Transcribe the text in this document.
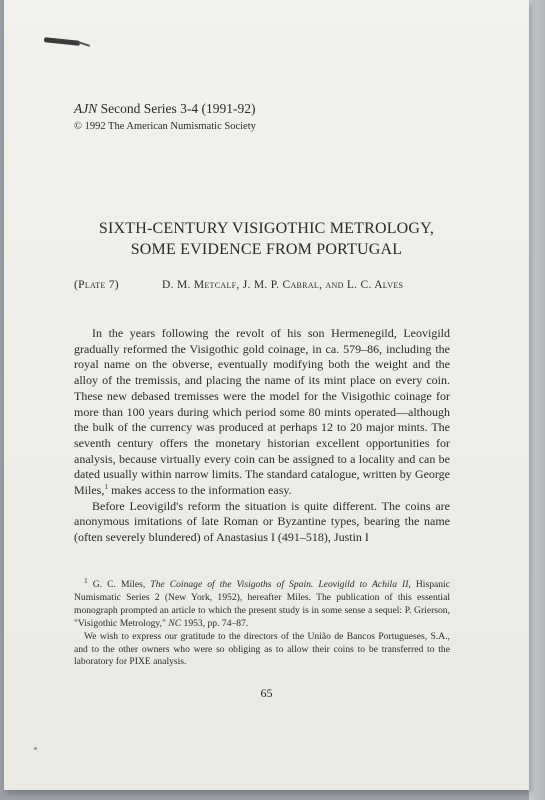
AJN Second Series 3-4 (1991-92)
© 1992 The American Numismatic Society
SIXTH-CENTURY VISIGOTHIC METROLOGY,
SOME EVIDENCE FROM PORTUGAL
(Plate 7)	D. M. Metcalf, J. M. P. Cabral, and L. C. Alves

In the years following the revolt of his son Hermenegild, Leovigild gradually reformed the Visigothic gold coinage, in ca. 579–86, including the royal name on the obverse, eventually modifying both the weight and the alloy of the tremissis, and placing the name of its mint place on every coin. These new debased tremisses were the model for the Visigothic coinage for more than 100 years during which period some 80 mints operated—although the bulk of the currency was produced at perhaps 12 to 20 major mints. The seventh century offers the monetary historian excellent opportunities for analysis, because virtually every coin can be assigned to a locality and can be dated usually within narrow limits. The standard catalogue, written by George Miles,$^1$ makes access to the information easy.

Before Leovigild's reform the situation is quite different. The coins are anonymous imitations of late Roman or Byzantine types, bearing the name (often severely blundered) of Anastasius I (491–518), Justin I

$^1$ G. C. Miles, The Coinage of the Visigoths of Spain. Leovigild to Achila II, Hispanic Numismatic Series 2 (New York, 1952), hereafter Miles. The publication of this essential monograph prompted an article to which the present study is in some sense a sequel: P. Grierson, "Visigothic Metrology," NC 1953, pp. 74–87.

We wish to express our gratitude to the directors of the União de Bancos Portugueses, S.A., and to the other owners who were so obliging as to allow their coins to be transferred to the laboratory for PIXE analysis.

65
